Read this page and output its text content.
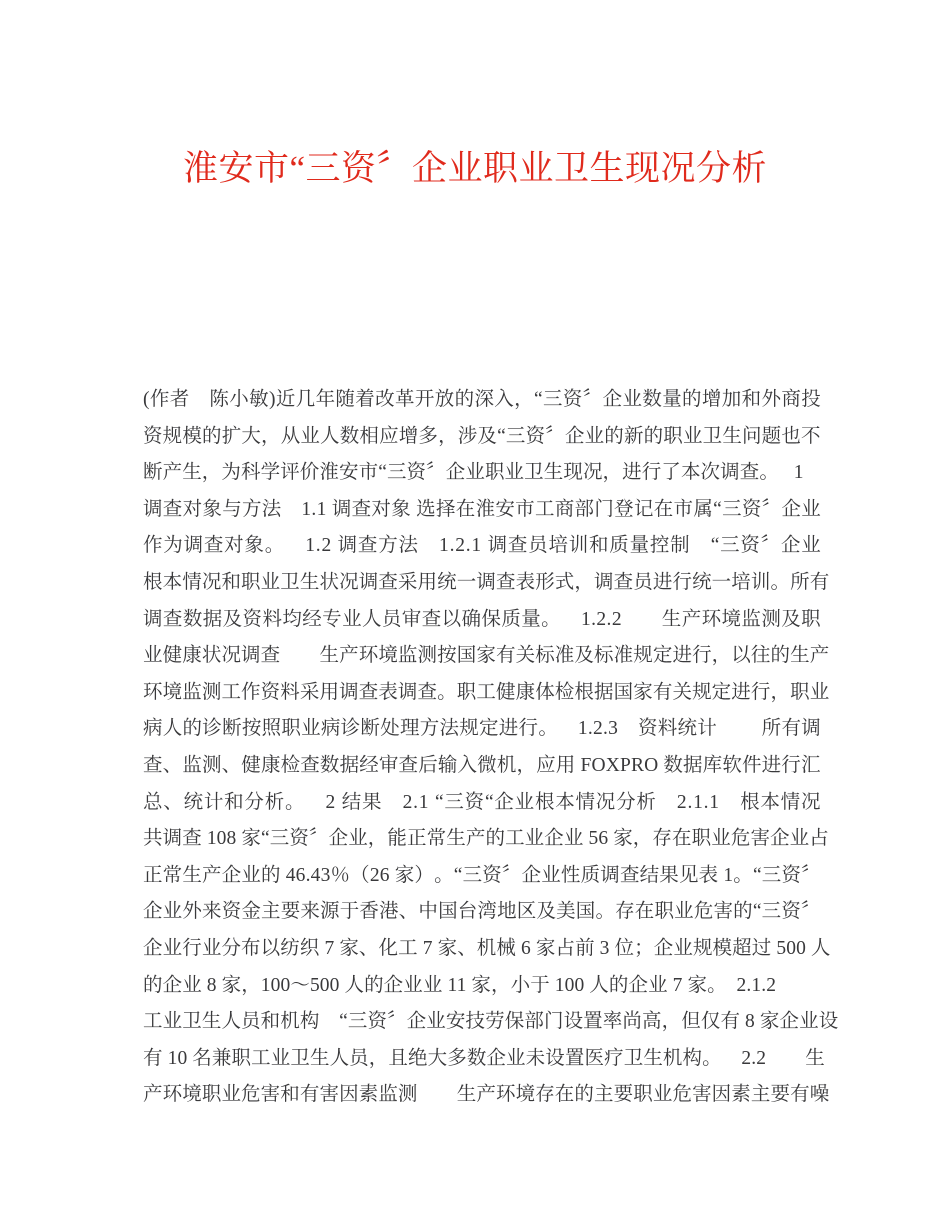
淮安市“三资〞企业职业卫生现况分析
( 作 者
　 陈 小 敏 ) 近 几 年 随 着 改 革 开 放 的 深 入 ， “ 三 资 〞 企 业 数 量 的 增 加 和 外 商 投
资 规 模 的 扩 大 ， 从 业 人 数 相 应 增 多 ， 涉 及 “ 三 资 〞 企 业 的 新 的 职 业 卫 生 问 题 也 不
断产生，为科学评价淮安市“三资〞企业职业卫生现况，进行了本次调查。　 1
调 查 对 象 与 方 法
　 1 . 1
调 查 对 象
选 择 在 淮 安 市 工 商 部 门 登 记 在 市 属 “ 三 资 〞 企 业
作 为 调 查 对 象 。
　 1 . 2
调 查 方 法
　 1 . 2 . 1
调 查 员 培 训 和 质 量 控 制
　 “ 三 资 〞 企 业
根 本 情 况 和 职 业 卫 生 状 况 调 查 采 用 统 一 调 查 表 形 式 ， 调 查 员 进 行 统 一 培 训 。 所 有
调 查 数 据 及 资 料 均 经 专 业 人 员 审 查 以 确 保 质 量 。
　 1 . 2 . 2

　 生 产 环 境 监 测 及 职
业 健 康 状 况 调 查

　 生 产 环 境 监 测 按 国 家 有 关 标 准 及 标 准 规 定 进 行 ， 以 往 的 生 产
环 境 监 测 工 作 资 料 采 用 调 查 表 调 查 。 职 工 健 康 体 检 根 据 国 家 有 关 规 定 进 行 ， 职 业
病 人 的 诊 断 按 照 职 业 病 诊 断 处 理 方 法 规 定 进 行 。
　 1 . 2 . 3
　 资 料 统 计

所 有 调
查 、 监 测 、 健 康 检 查 数 据 经 审 查 后 输 入 微 机 ， 应 用
F O X P R O
数 据 库 软 件 进 行 汇
总 、 统 计 和 分 析 。
　 2
结 果
　 2 . 1
“ 三 资 “ 企 业 根 本 情 况 分 析
　 2 . 1 . 1
　 根 本 情 况
共 调 查
1 0 8
家 “ 三 资 〞 企 业 ， 能 正 常 生 产 的 工 业 企 业
5 6
家 ， 存 在 职 业 危 害 企 业 占
正 常 生 产 企 业 的
4 6 . 4 3 ％ （ 2 6
家 ） 。 “ 三 资 〞 企 业 性 质 调 查 结 果 见 表
1 。 “ 三 资 〞
企 业 外 来 资 金 主 要 来 源 于 香 港 、 中 国 台 湾 地 区 及 美 国 。 存 在 职 业 危 害 的 “ 三 资 〞
企 业 行 业 分 布 以 纺 织
7
家 、 化 工
7
家 、 机 械
6
家 占 前
3
位 ； 企 业 规 模 超 过
5 0 0
人
的企业 8 家，100～500 人的企业业 11 家，小于 100 人的企业 7 家。　2.1.2
工 业 卫 生 人 员 和 机 构
　 “ 三 资 〞 企 业 安 技 劳 保 部 门 设 置 率 尚 高 ， 但 仅 有
8
家 企 业 设
有
1 0
名 兼 职 工 业 卫 生 人 员 ， 且 绝 大 多 数 企 业 未 设 置 医 疗 卫 生 机 构 。
　 2 . 2

　 生
产 环 境 职 业 危 害 和 有 害 因 素 监 测

　 生 产 环 境 存 在 的 主 要 职 业 危 害 因 素 主 要 有 噪
